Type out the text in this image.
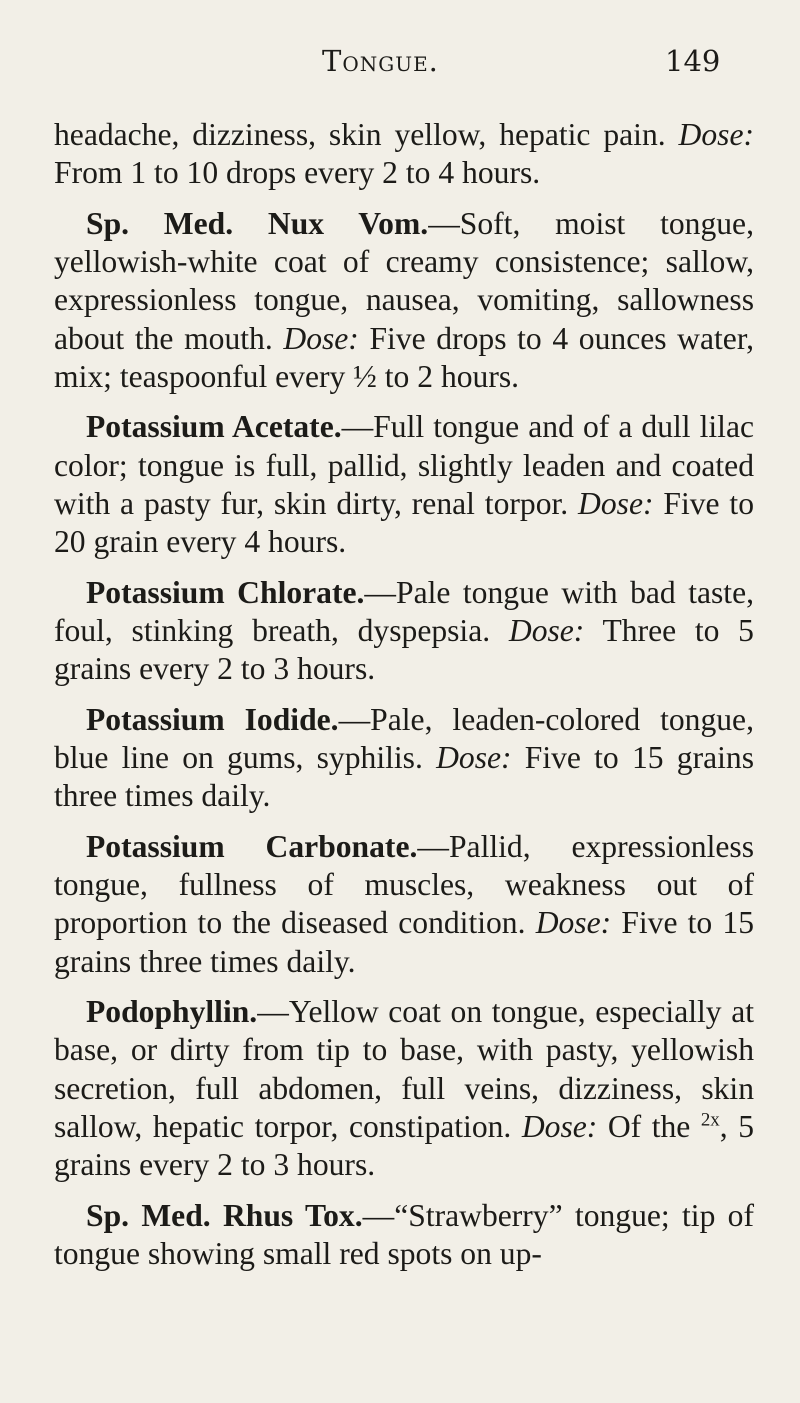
Tongue.	149

headache, dizziness, skin yellow, hepatic pain. Dose: From 1 to 10 drops every 2 to 4 hours.

Sp. Med. Nux Vom.—Soft, moist tongue, yellowish-white coat of creamy consistence; sallow, expressionless tongue, nausea, vomiting, sallowness about the mouth. Dose: Five drops to 4 ounces water, mix; teaspoonful every ½ to 2 hours.

Potassium Acetate.—Full tongue and of a dull lilac color; tongue is full, pallid, slightly leaden and coated with a pasty fur, skin dirty, renal torpor. Dose: Five to 20 grain every 4 hours.

Potassium Chlorate.—Pale tongue with bad taste, foul, stinking breath, dyspepsia. Dose: Three to 5 grains every 2 to 3 hours.

Potassium Iodide.—Pale, leaden-colored tongue, blue line on gums, syphilis. Dose: Five to 15 grains three times daily.

Potassium Carbonate.—Pallid, expressionless tongue, fullness of muscles, weakness out of proportion to the diseased condition. Dose: Five to 15 grains three times daily.

Podophyllin.—Yellow coat on tongue, especially at base, or dirty from tip to base, with pasty, yellowish secretion, full abdomen, full veins, dizziness, skin sallow, hepatic torpor, constipation. Dose: Of the $^{2x}$, 5 grains every 2 to 3 hours.

Sp. Med. Rhus Tox.—“Strawberry” tongue; tip of tongue showing small red spots on up-
